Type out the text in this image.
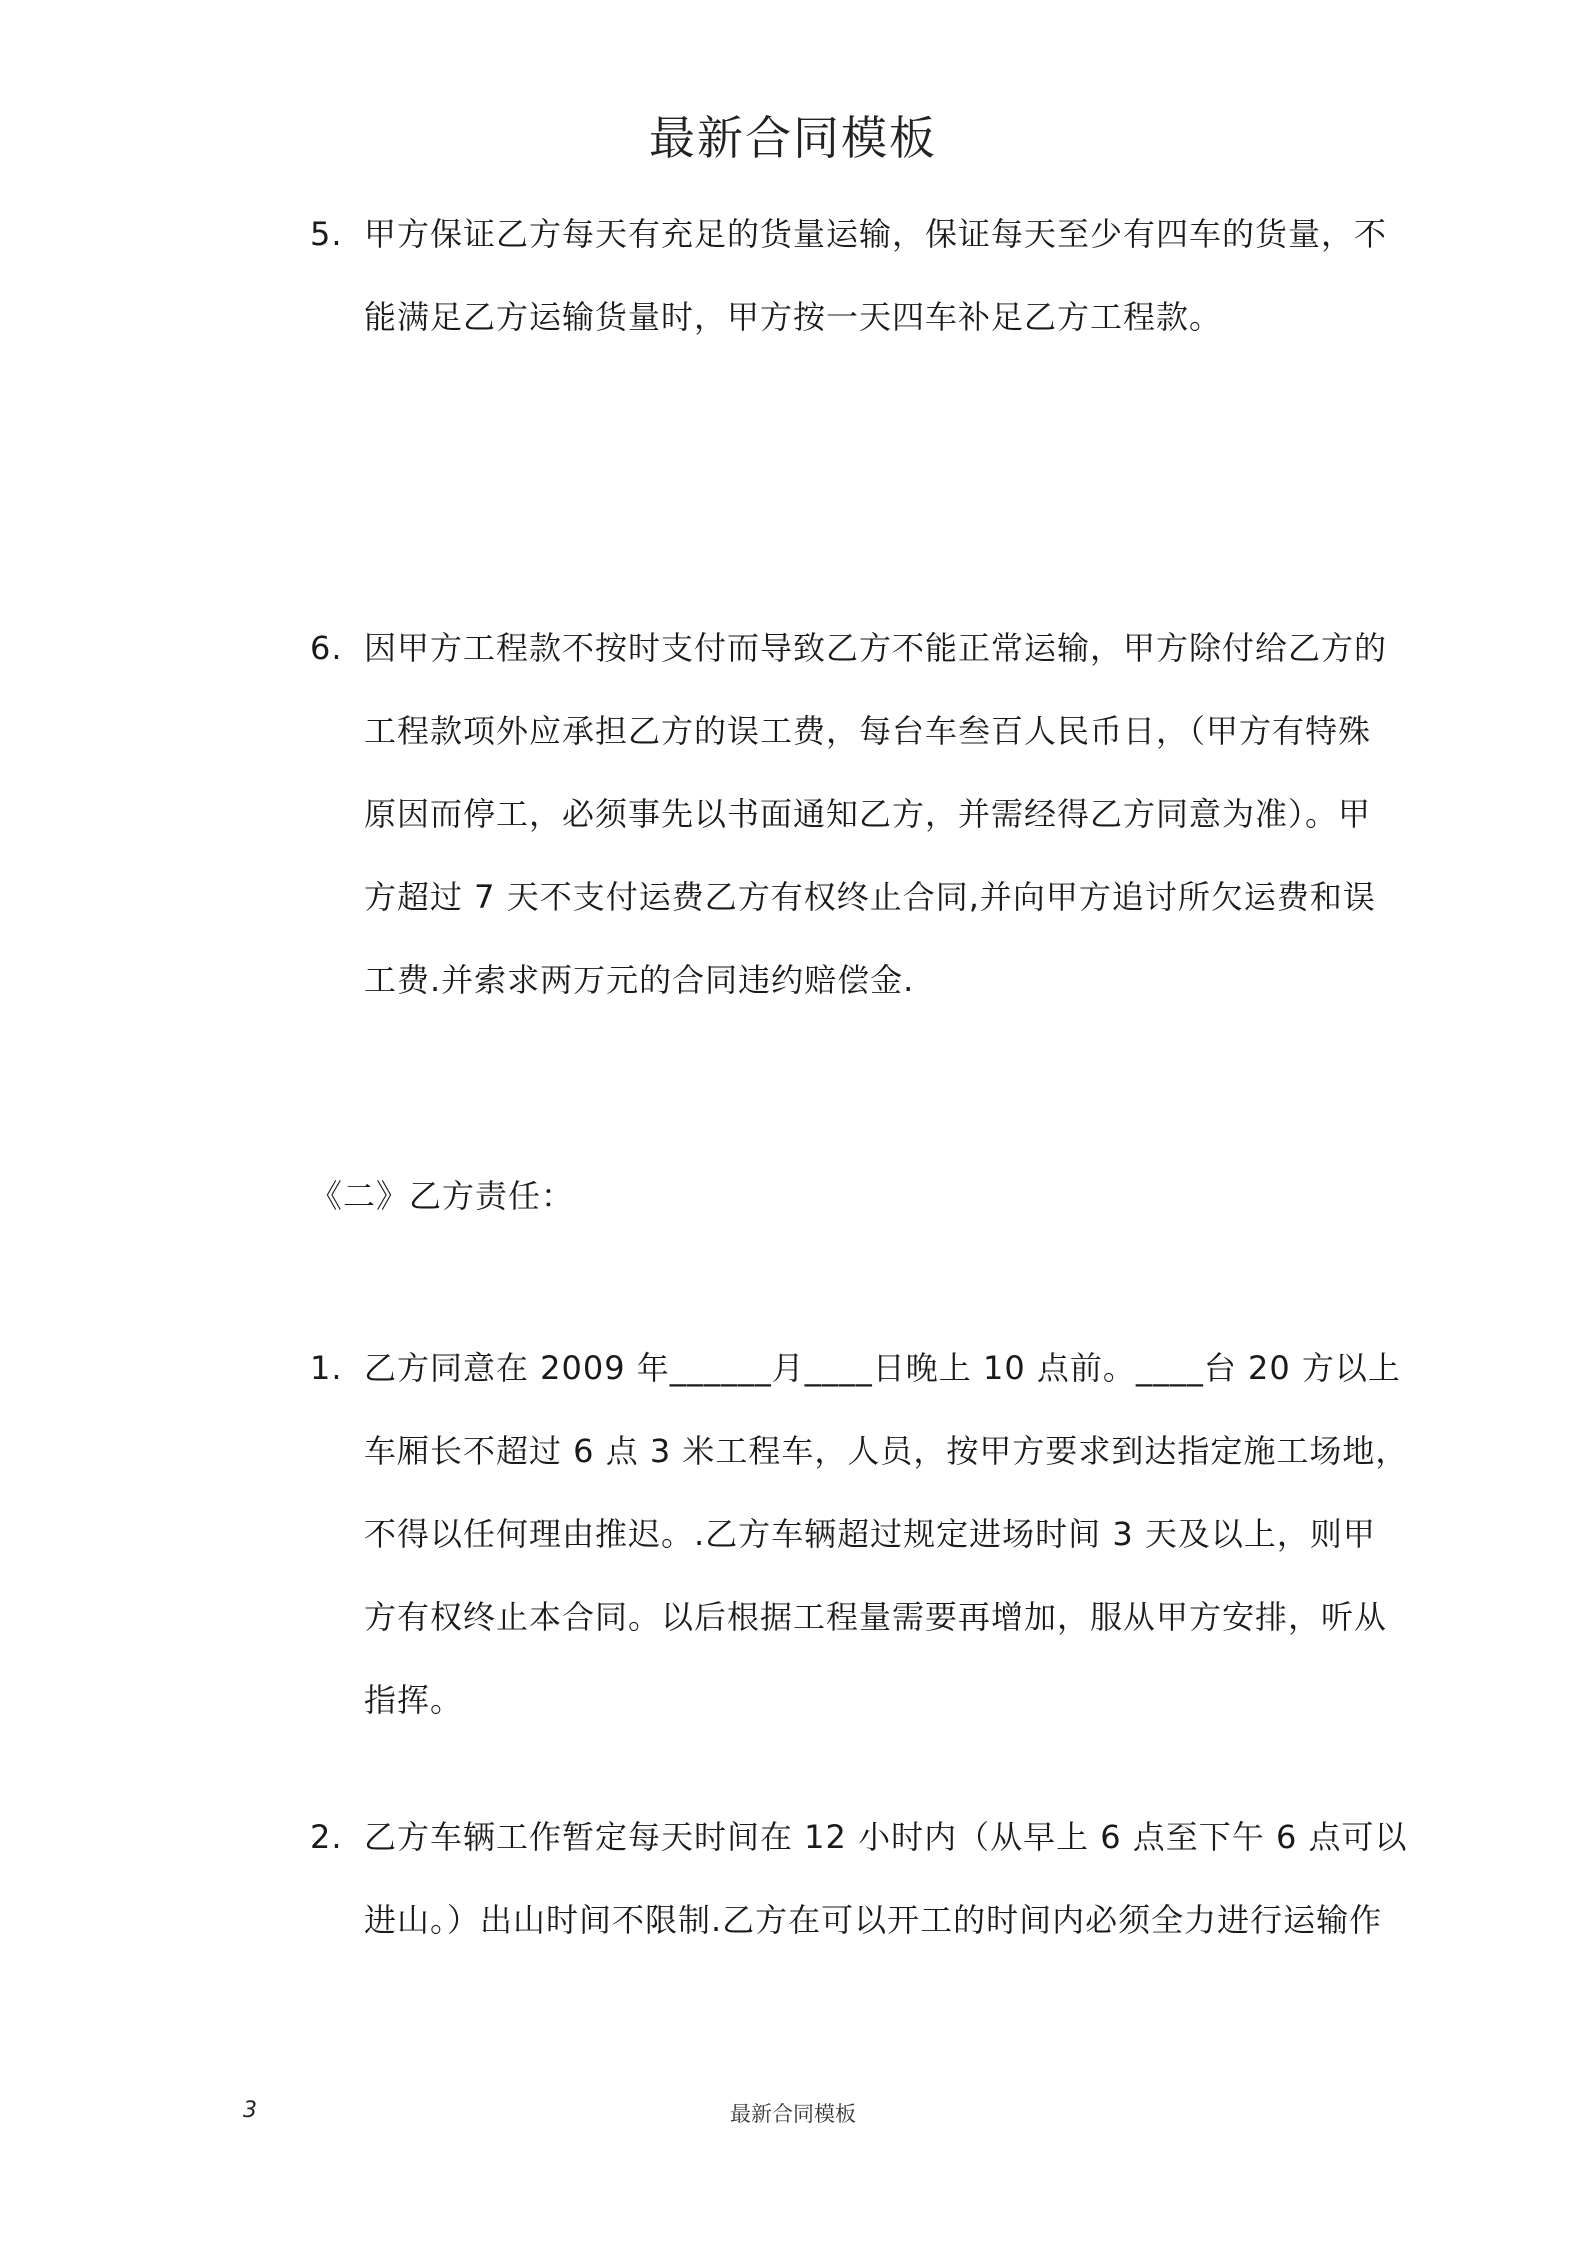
最新合同模板
5. 甲方保证乙方每天有充足的货量运输，保证每天至少有四车的货量，不
能满足乙方运输货量时，甲方按一天四车补足乙方工程款。
6. 因甲方工程款不按时支付而导致乙方不能正常运输，甲方除付给乙方的
工程款项外应承担乙方的误工费，每台车叁百人民币日，（甲方有特殊
原因而停工，必须事先以书面通知乙方，并需经得乙方同意为准）。甲
方超过 7 天不支付运费乙方有权终止合同,并向甲方追讨所欠运费和误
工费.并索求两万元的合同违约赔偿金.
《二》乙方责任：
1. 乙方同意在 2009 年______月____日晚上 10 点前。____台 20 方以上
车厢长不超过 6 点 3 米工程车，人员，按甲方要求到达指定施工场地，
不得以任何理由推迟。.乙方车辆超过规定进场时间 3 天及以上，则甲
方有权终止本合同。以后根据工程量需要再增加，服从甲方安排，听从
指挥。
2. 乙方车辆工作暂定每天时间在 12 小时内（从早上 6 点至下午 6 点可以
进山。）出山时间不限制.乙方在可以开工的时间内必须全力进行运输作
3	最新合同模板
